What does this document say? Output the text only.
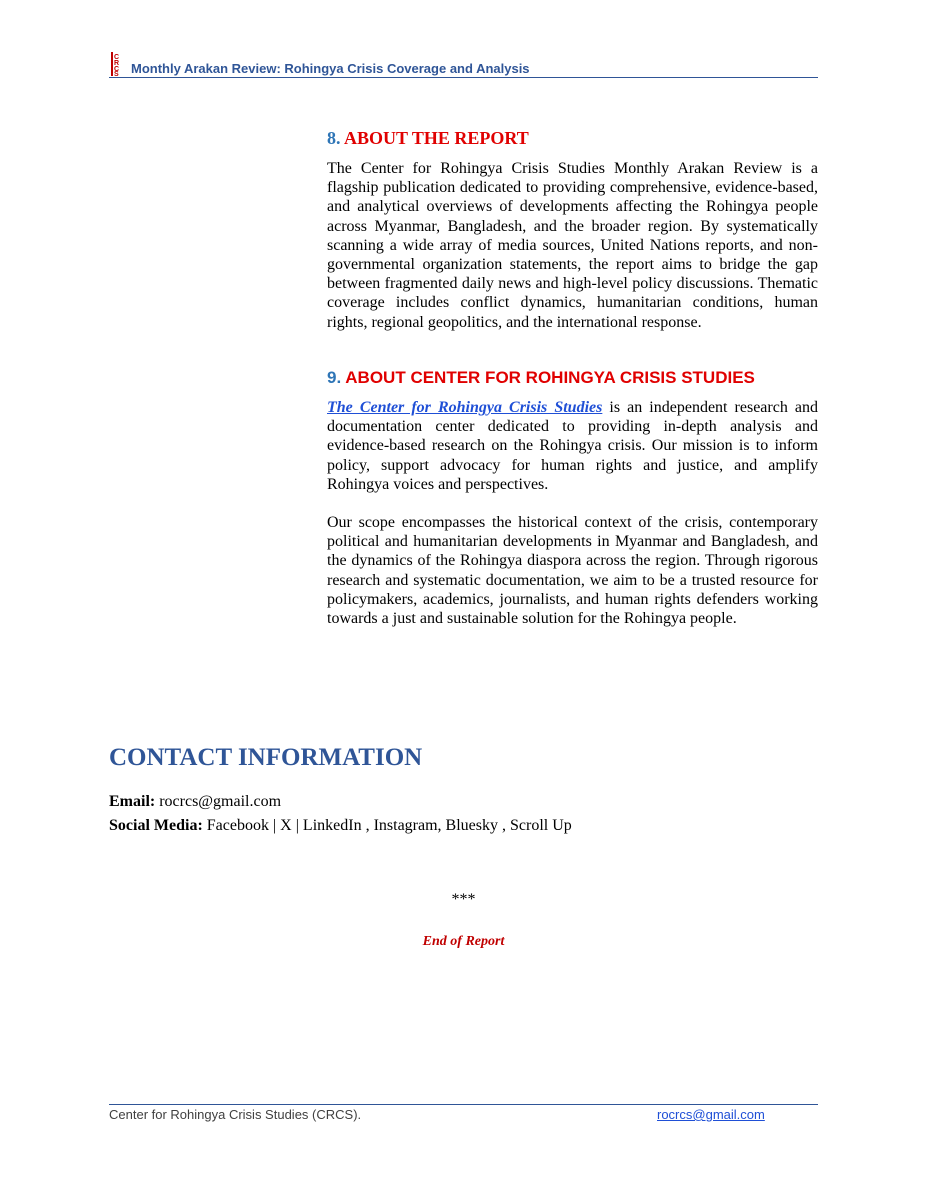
C
R
C
S Monthly Arakan Review: Rohingya Crisis Coverage and Analysis
8. ABOUT THE REPORT

The Center for Rohingya Crisis Studies Monthly Arakan Review is a flagship publication dedicated to providing comprehensive, evidence-based, and analytical overviews of developments affecting the Rohingya people across Myanmar, Bangladesh, and the broader region. By systematically scanning a wide array of media sources, United Nations reports, and non-governmental organization statements, the report aims to bridge the gap between fragmented daily news and high-level policy discussions. Thematic coverage includes conflict dynamics, humanitarian conditions, human rights, regional geopolitics, and the international response.

9. ABOUT CENTER FOR ROHINGYA CRISIS STUDIES

The Center for Rohingya Crisis Studies is an independent research and documentation center dedicated to providing in-depth analysis and evidence-based research on the Rohingya crisis. Our mission is to inform policy, support advocacy for human rights and justice, and amplify Rohingya voices and perspectives.

Our scope encompasses the historical context of the crisis, contemporary political and humanitarian developments in Myanmar and Bangladesh, and the dynamics of the Rohingya diaspora across the region. Through rigorous research and systematic documentation, we aim to be a trusted resource for policymakers, academics, journalists, and human rights defenders working towards a just and sustainable solution for the Rohingya people.

CONTACT INFORMATION
Email: rocrcs@gmail.com
Social Media: Facebook | X | LinkedIn , Instagram, Bluesky , Scroll Up
***
End of Report
Center for Rohingya Crisis Studies (CRCS).	rocrcs@gmail.com
